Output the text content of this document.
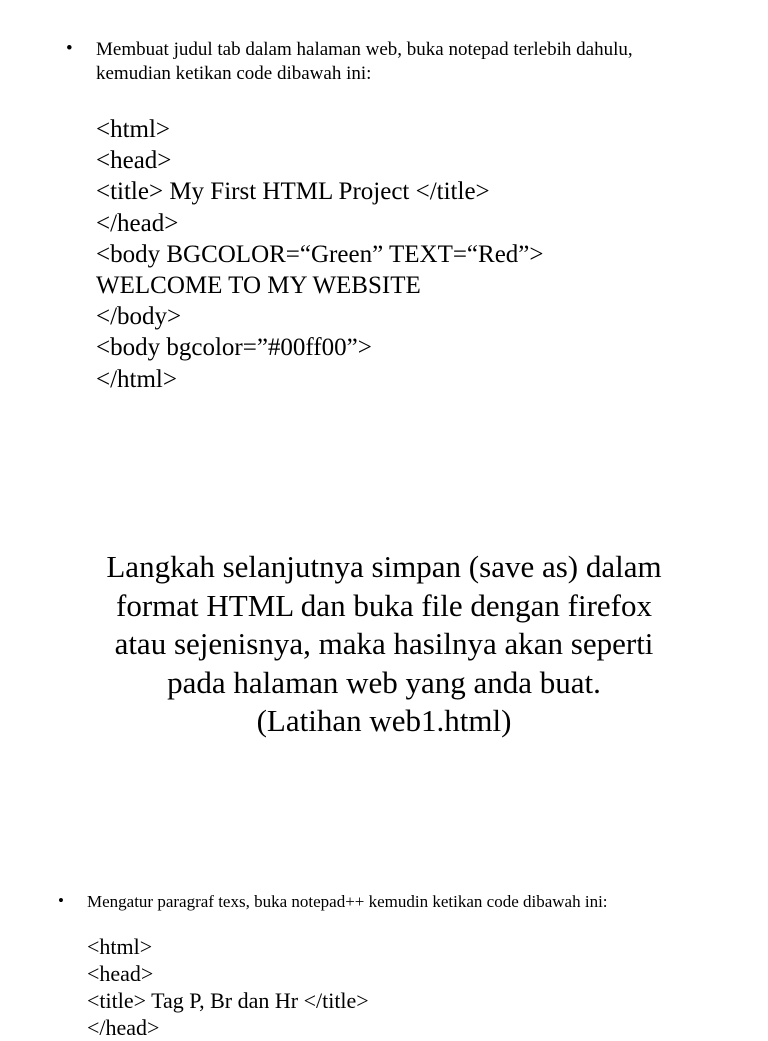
• Membuat judul tab dalam halaman web, buka notepad terlebih dahulu, kemudian ketikan code dibawah ini:
<html>
<head>
<title> My First HTML Project </title>
</head>
<body BGCOLOR=“Green” TEXT=“Red”>
WELCOME TO MY WEBSITE
</body>
<body bgcolor=”#00ff00”>
</html>
Langkah selanjutnya simpan (save as) dalam
format HTML dan buka file dengan firefox
atau sejenisnya, maka hasilnya akan seperti
pada halaman web yang anda buat.
(Latihan web1.html)
• Mengatur paragraf texs, buka notepad++ kemudin ketikan code dibawah ini:
<html>
<head>
<title> Tag P, Br dan Hr </title>
</head>
